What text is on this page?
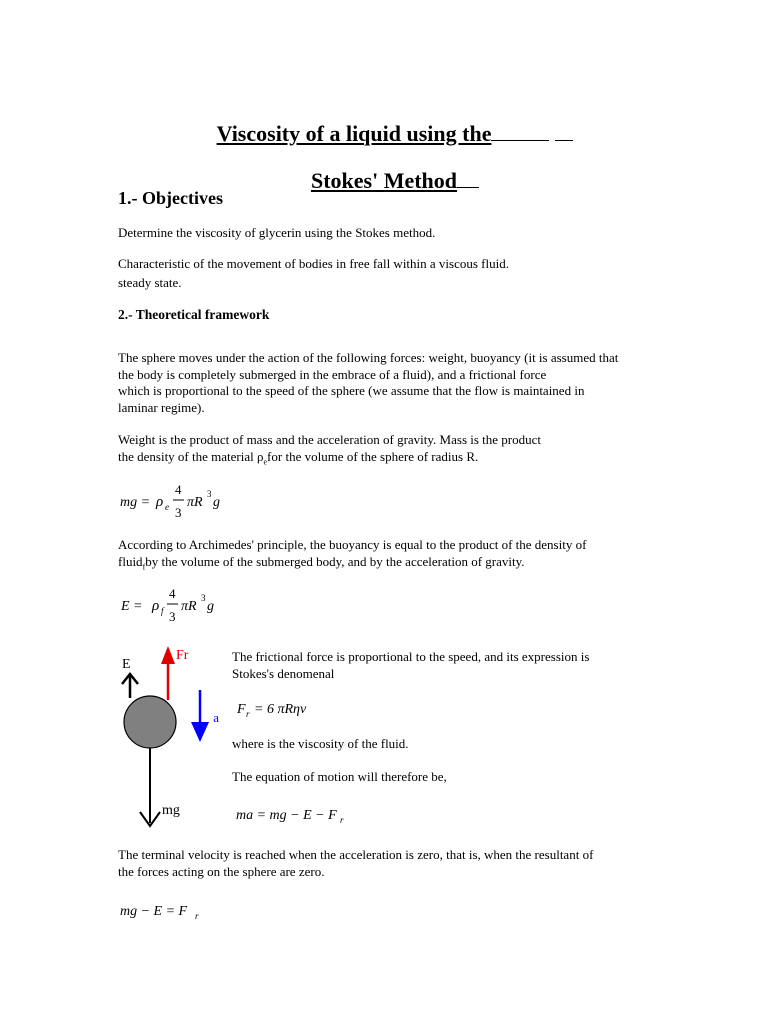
Viscosity of a liquid using the

Stokes' Method

1.- Objectives
Determine the viscosity of glycerin using the Stokes method.
Characteristic of the movement of bodies in free fall within a viscous fluid.
steady state.
2.- Theoretical framework
The sphere moves under the action of the following forces: weight, buoyancy (it is assumed that
the body is completely submerged in the embrace of a fluid), and a frictional force
which is proportional to the speed of the sphere (we assume that the flow is maintained in
laminar regime).
Weight is the product of mass and the acceleration of gravity. Mass is the product
the density of the material $\rho_efor$ the volume of the sphere of radius R.
mg = ρ e
4
3
πR
3
g
According to Archimedes' principle, the buoyancy is equal to the product of the density of
fluid$_f$by the volume of the submerged body, and by the acceleration of gravity.
E = ρ f
4
3
πR
3
g
E
Fr
a
mg
The frictional force is proportional to the speed, and its expression is
Stokes's denomenal
F r = 6 πRηv
where is the viscosity of the fluid.
The equation of motion will therefore be,
ma = mg − E − F r
The terminal velocity is reached when the acceleration is zero, that is, when the resultant of
the forces acting on the sphere are zero.
mg − E = F r
